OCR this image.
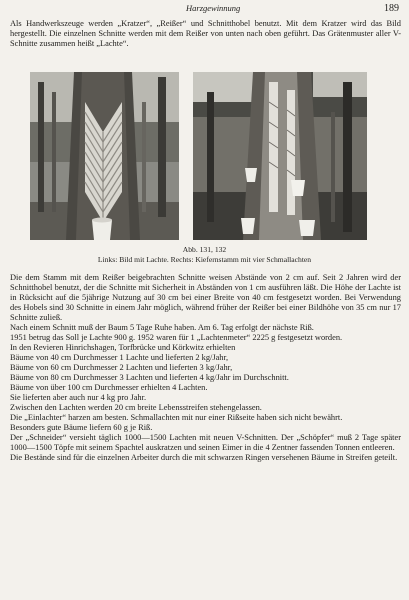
Harzgewinnung	189

Als Handwerkszeuge werden „Kratzer“, „Reißer“ und Schnitthobel benutzt. Mit dem Kratzer wird das Bild hergestellt. Die einzelnen Schnitte werden mit dem Reißer von unten nach oben geführt. Das Grätenmuster aller V-Schnitte zusammen heißt „Lachte“.

Abb. 131, 132
Links: Bild mit Lachte. Rechts: Kiefernstamm mit vier Schmallachten

Die dem Stamm mit dem Reißer beigebrachten Schnitte weisen Abstände von 2 cm auf. Seit 2 Jahren wird der Schnitthobel benutzt, der die Schnitte mit Sicherheit in Abständen von 1 cm ausführen läßt. Die Höhe der Lachte ist in Rücksicht auf die 5jährige Nutzung auf 30 cm bei einer Breite von 40 cm festgesetzt worden. Bei Verwendung des Hobels sind 30 Schnitte in einem Jahr möglich, während früher der Reißer bei einer Bildhöhe von 35 cm nur 17 Schnitte zuließ.

Nach einem Schnitt muß der Baum 5 Tage Ruhe haben. Am 6. Tag erfolgt der nächste Riß.

1951 betrug das Soll je Lachte 900 g. 1952 waren für 1 „Lachtenmeter“ 2225 g festgesetzt worden.

In den Revieren Hinrichshagen, Torfbrücke und Körkwitz erhielten
Bäume von 40 cm Durchmesser 1 Lachte und lieferten 2 kg/Jahr,
Bäume von 60 cm Durchmesser 2 Lachten und lieferten 3 kg/Jahr,
Bäume von 80 cm Durchmesser 3 Lachten und lieferten 4 kg/Jahr im Durchschnitt.
Bäume von über 100 cm Durchmesser erhielten 4 Lachten.
Sie lieferten aber auch nur 4 kg pro Jahr.
Zwischen den Lachten werden 20 cm breite Lebensstreifen stehengelassen.

Die „Einlachter“ harzen am besten. Schmallachten mit nur einer Rißseite haben sich nicht bewährt.

Besonders gute Bäume liefern 60 g je Riß.

Der „Schneider“ versieht täglich 1000—1500 Lachten mit neuen V-Schnitten. Der „Schöpfer“ muß 2 Tage später 1000—1500 Töpfe mit seinem Spachtel auskratzen und seinen Eimer in die 4 Zentner fassenden Tonnen entleeren.

Die Bestände sind für die einzelnen Arbeiter durch die mit schwarzen Ringen versehenen Bäume in Streifen geteilt.
